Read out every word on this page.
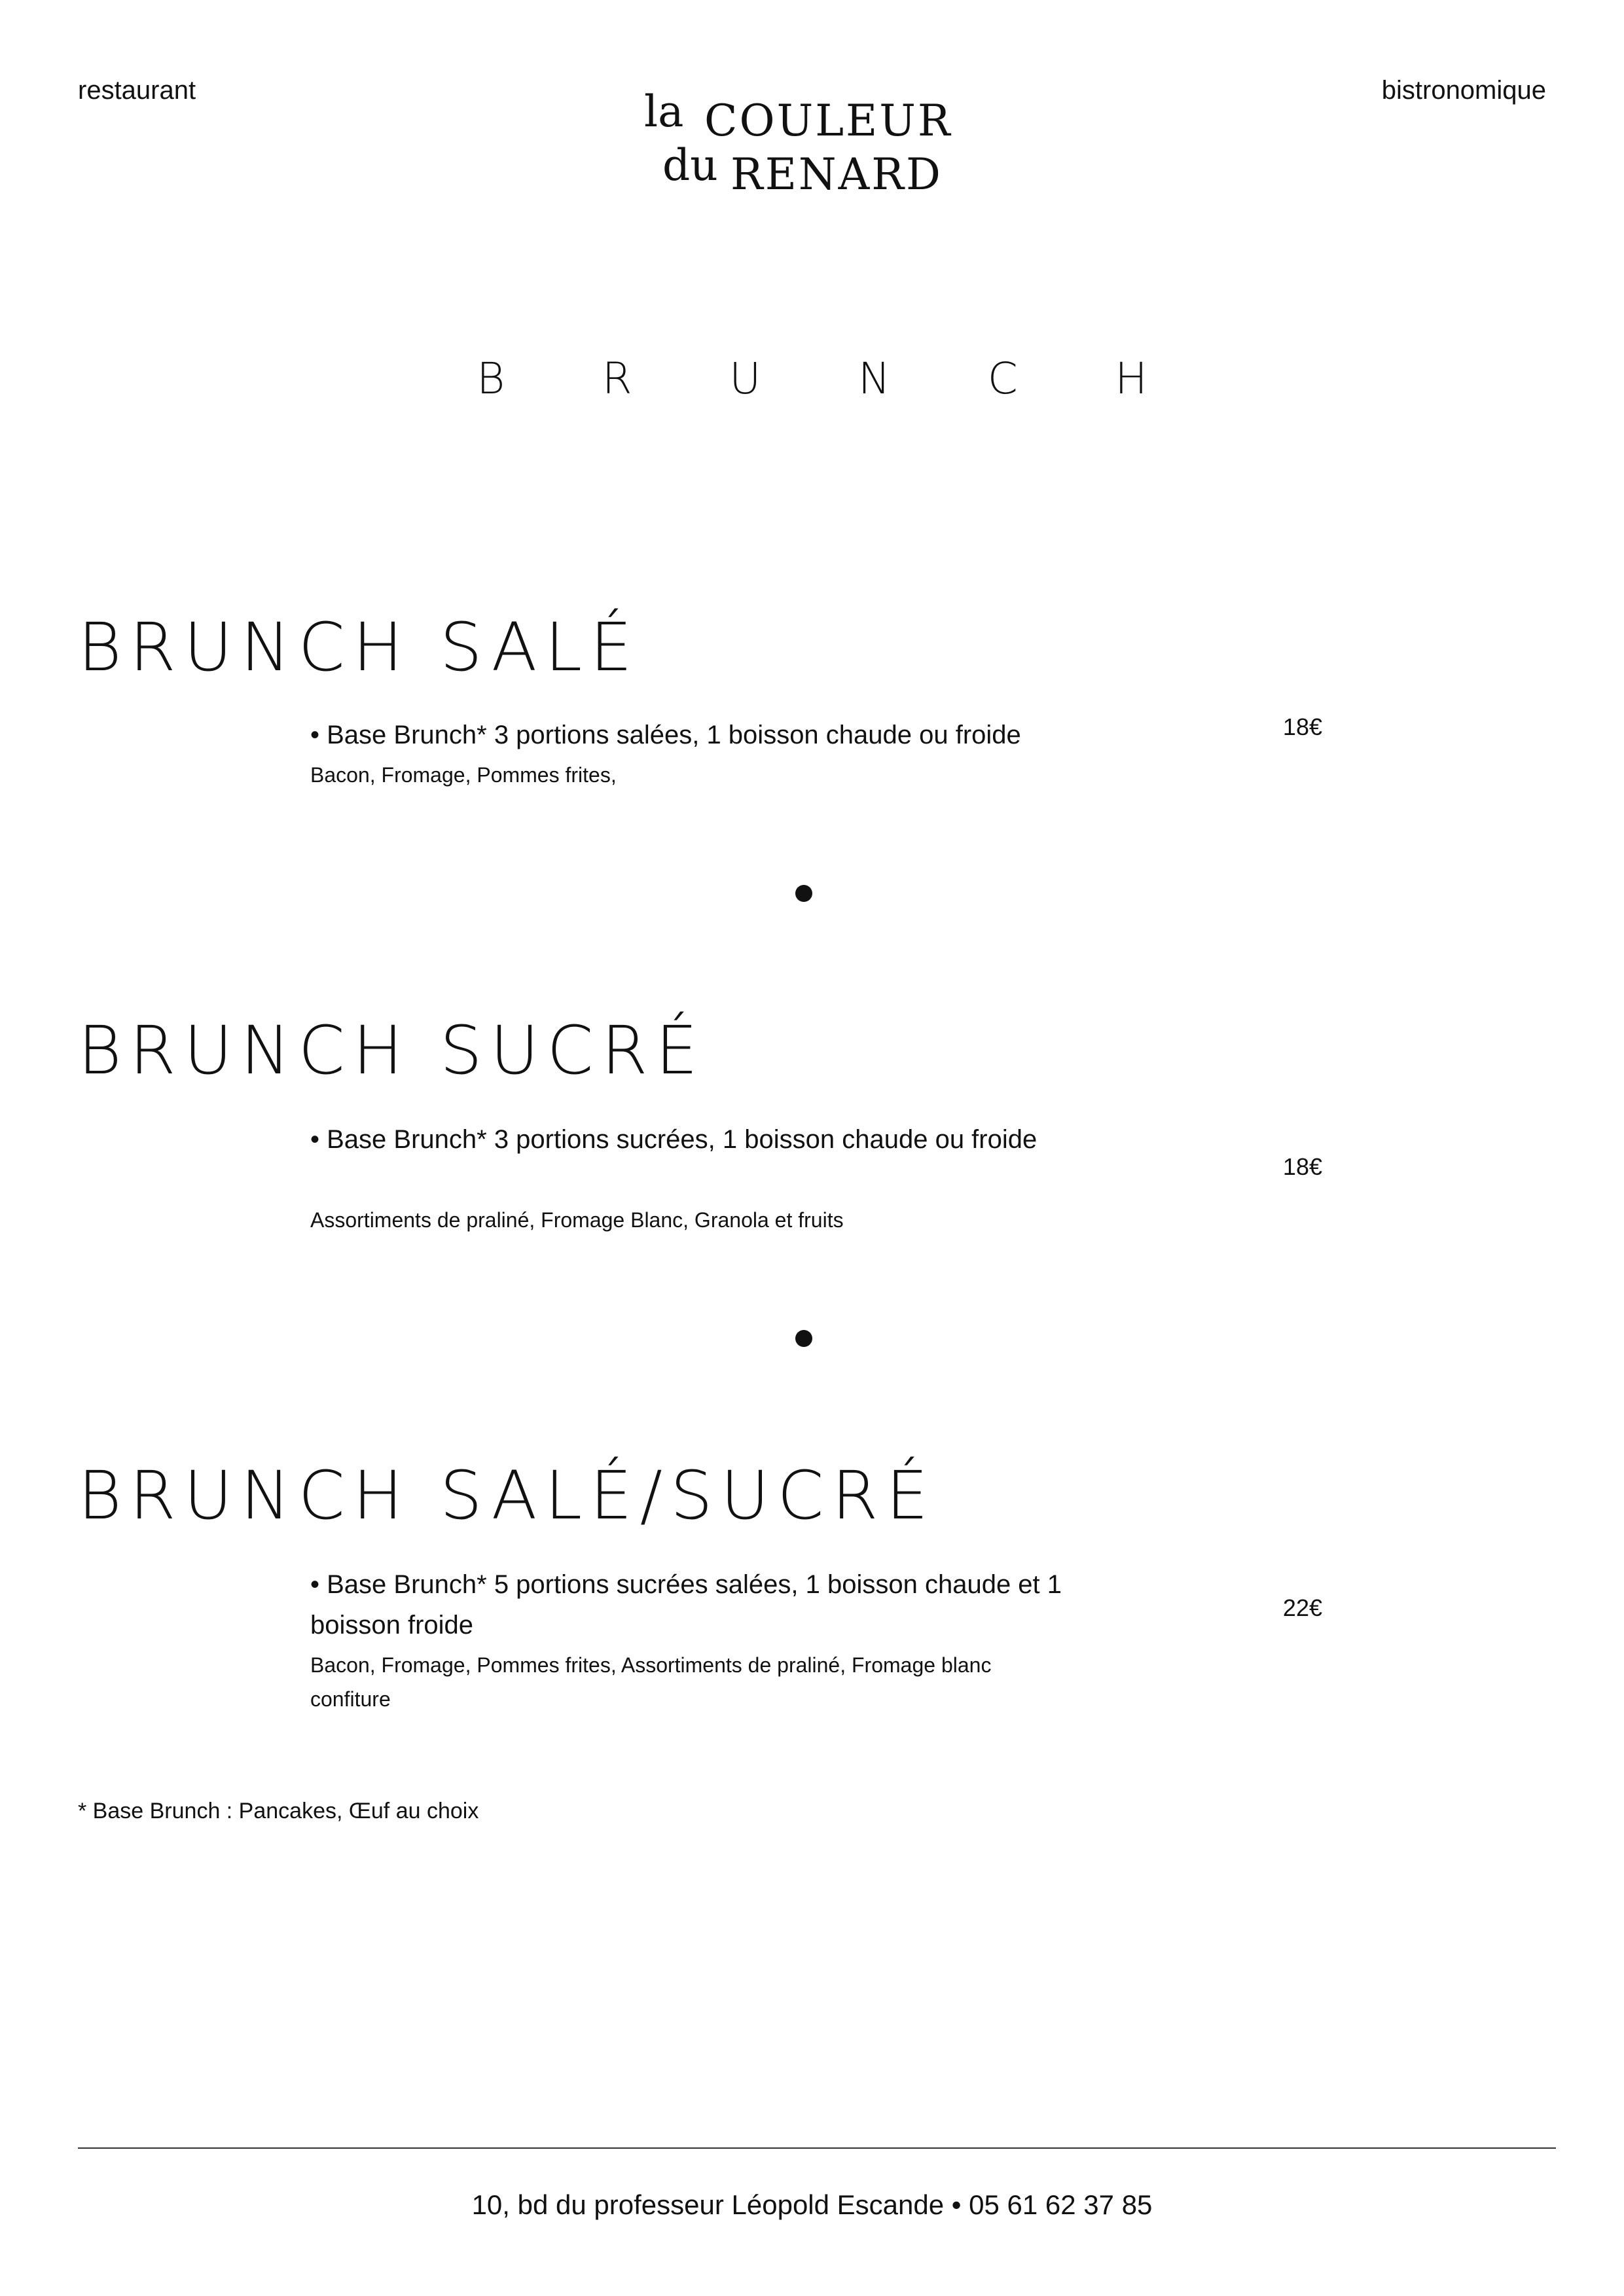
restaurant	bistronomique
la COULEUR
du RENARD
B R U N C H
BRUNCH SALÉ
• Base Brunch* 3 portions salées, 1 boisson chaude ou froide
Bacon, Fromage, Pommes frites,
18€
BRUNCH SUCRÉ
• Base Brunch* 3 portions sucrées, 1 boisson chaude ou froide
Assortiments de praliné, Fromage Blanc, Granola et fruits
18€
BRUNCH SALÉ/SUCRÉ
• Base Brunch* 5 portions sucrées salées, 1 boisson chaude et 1 boisson froide
Bacon, Fromage, Pommes frites, Assortiments de praliné, Fromage blanc confiture
22€
* Base Brunch : Pancakes, Œuf au choix
10, bd du professeur Léopold Escande • 05 61 62 37 85
